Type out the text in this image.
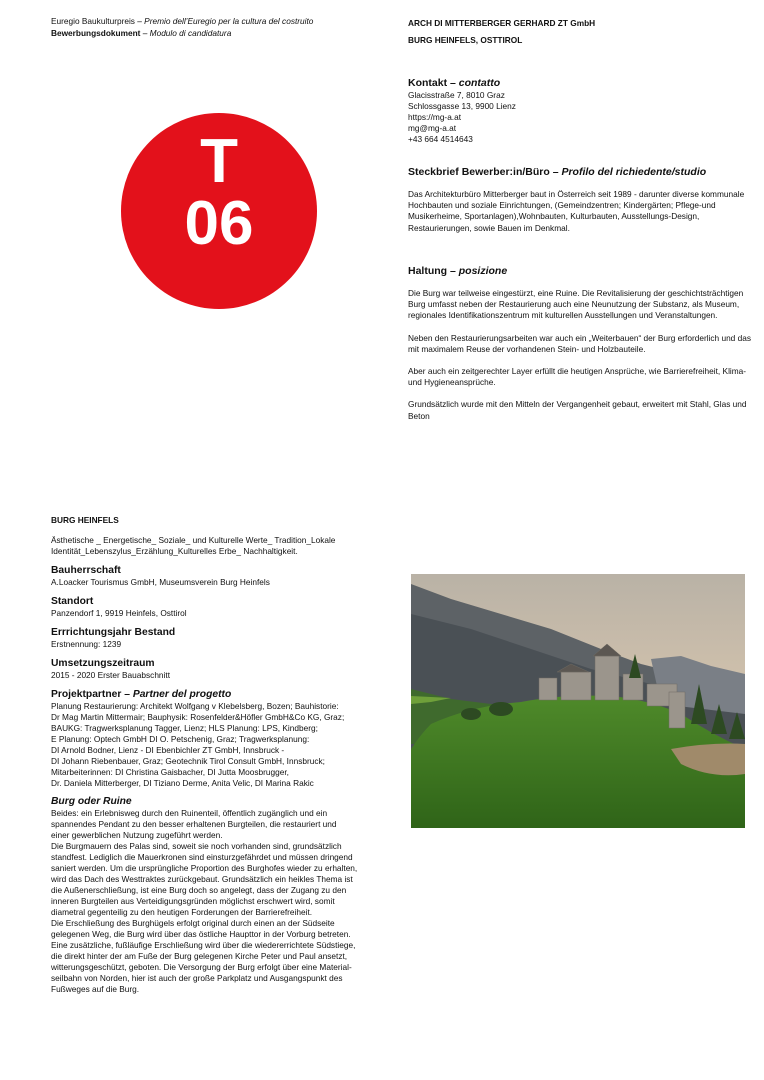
Euregio Baukulturpreis – Premio dell’Euregio per la cultura del costruito
Bewerbungsdokument – Modulo di candidatura
ARCH DI MITTERBERGER GERHARD ZT GmbH
BURG HEINFELS, OSTTIROL
T
06
Kontakt – contatto
Glacisstraße 7, 8010 Graz
Schlossgasse 13, 9900 Lienz
https://mg-a.at
mg@mg-a.at
+43 664 4514643
Steckbrief Bewerber:in/Büro – Profilo del richiedente/studio
Das Architekturbüro Mitterberger baut in Österreich seit 1989 - darunter diverse kommunale Hochbauten und soziale Einrichtungen, (Gemeindzentren; Kindergärten; Pflege-und Musikerheime, Sportanlagen),Wohnbauten, Kulturbauten, Ausstellungs-Design, Restaurierungen, sowie Bauen im Denkmal.
Haltung – posizione

Die Burg war teilweise eingestürzt, eine Ruine. Die Revitalisierung der geschichtsträchtigen Burg umfasst neben der Restaurierung auch eine Neunutzung der Substanz, als Museum, regionales Identifikationszentrum mit kulturellen Ausstellungen und Veranstaltungen.

Neben den Restaurierungsarbeiten war auch ein „Weiterbauen“ der Burg erforderlich und das mit maximalem Reuse der vorhandenen Stein- und Holzbauteile.

Aber auch ein zeitgerechter Layer erfüllt die heutigen Ansprüche, wie Barrierefreiheit, Klima- und Hygieneansprüche.

Grundsätzlich wurde mit den Mitteln der Vergangenheit gebaut, erweitert mit Stahl, Glas und Beton

BURG HEINFELS
Ästhetische _ Energetische_ Soziale_ und Kulturelle Werte_ Tradition_Lokale Identität_Lebenszylus_Erzählung_Kulturelles Erbe_ Nachhaltigkeit.
Bauherrschaft
A.Loacker Tourismus GmbH, Museumsverein Burg Heinfels
Standort
Panzendorf 1, 9919 Heinfels, Osttirol
Errrichtungsjahr Bestand
Erstnennung: 1239
Umsetzungszeitraum
2015 - 2020 Erster Bauabschnitt
Projektpartner – Partner del progetto
Planung Restaurierung: Architekt Wolfgang v Klebelsberg, Bozen; Bauhistorie:
Dr Mag Martin Mittermair; Bauphysik: Rosenfelder&Höfler GmbH&Co KG, Graz;
BAUKG: Tragwerksplanung Tagger, Lienz; HLS Planung: LPS, Kindberg;
E Planung: Optech GmbH DI O. Petschenig, Graz; Tragwerksplanung:
DI Arnold Bodner, Lienz - DI Ebenbichler ZT GmbH, Innsbruck -
DI Johann Riebenbauer, Graz; Geotechnik Tirol Consult GmbH, Innsbruck;
Mitarbeiterinnen: DI Christina Gaisbacher, DI Jutta Moosbrugger,
Dr. Daniela Mitterberger, DI Tiziano Derme, Anita Velic, DI Marina Rakic
Burg oder Ruine
Beides: ein Erlebnisweg durch den Ruinenteil, öffentlich zugänglich und ein
spannendes Pendant zu den besser erhaltenen Burgteilen, die restauriert und
einer gewerblichen Nutzung zugeführt werden.
Die Burgmauern des Palas sind, soweit sie noch vorhanden sind, grundsätzlich
standfest. Lediglich die Mauerkronen sind einsturzgefährdet und müssen dringend
saniert werden. Um die ursprüngliche Proportion des Burghofes wieder zu erhalten,
wird das Dach des Westtraktes zurückgebaut. Grundsätzlich ein heikles Thema ist
die Außenerschließung, ist eine Burg doch so angelegt, dass der Zugang zu den
inneren Burgteilen aus Verteidigungsgründen möglichst erschwert wird, somit
diametral gegenteilig zu den heutigen Forderungen der Barrierefreiheit.
Die Erschließung des Burghügels erfolgt original durch einen an der Südseite
gelegenen Weg, die Burg wird über das östliche Haupttor in der Vorburg betreten.
Eine zusätzliche, fußläufige Erschließung wird über die wiedererrichtete Südstiege,
die direkt hinter der am Fuße der Burg gelegenen Kirche Peter und Paul ansetzt,
witterungsgeschützt, geboten. Die Versorgung der Burg erfolgt über eine Material-
seilbahn von Norden, hier ist auch der große Parkplatz und Ausgangspunkt des
Fußweges auf die Burg.
